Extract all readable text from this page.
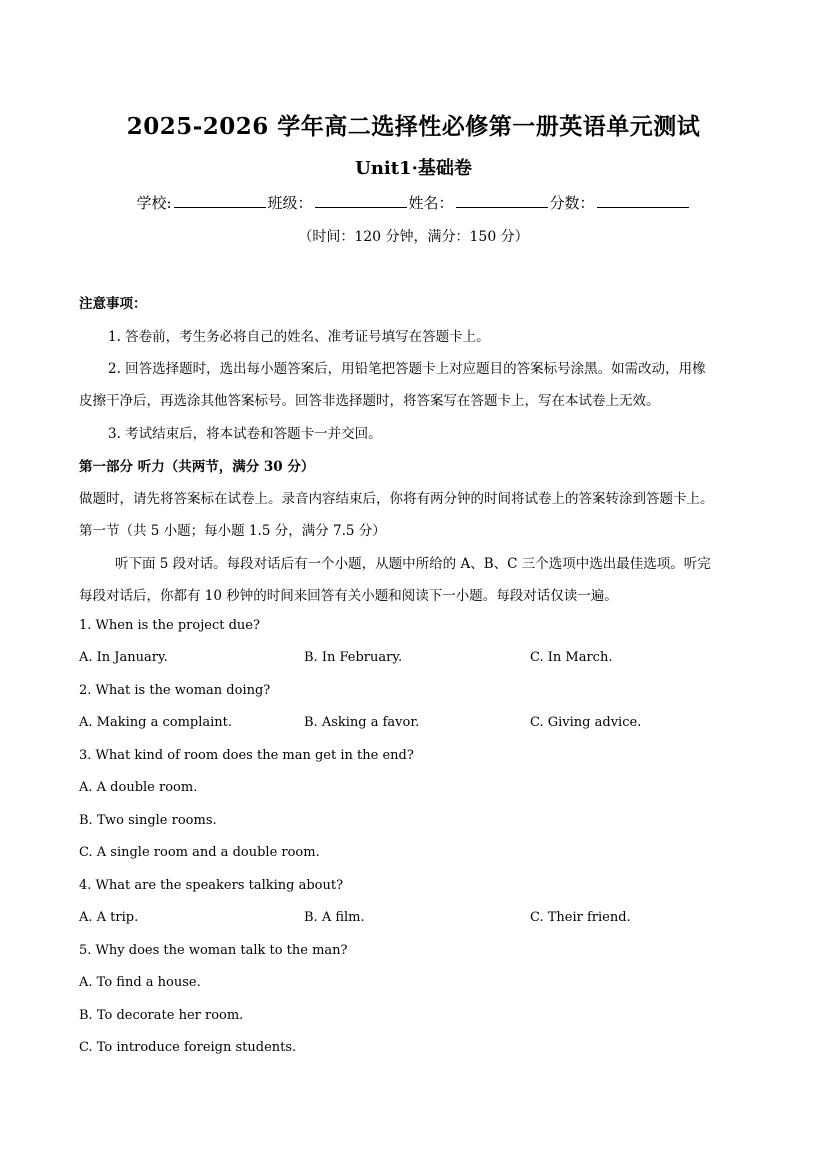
2025-2026 学年高二选择性必修第一册英语单元测试
Unit1·基础卷
学校:	班级：	姓名：	分数：
（时间：120 分钟，满分：150 分）
注意事项：
1. 答卷前，考生务必将自己的姓名、准考证号填写在答题卡上。
2. 回答选择题时，选出每小题答案后，用铅笔把答题卡上对应题目的答案标号涂黑。如需改动，用橡
皮擦干净后，再选涂其他答案标号。回答非选择题时，将答案写在答题卡上，写在本试卷上无效。
3. 考试结束后，将本试卷和答题卡一并交回。
第一部分 听力（共两节，满分 30 分）
做题时，请先将答案标在试卷上。录音内容结束后，你将有两分钟的时间将试卷上的答案转涂到答题卡上。
第一节（共 5 小题；每小题 1.5 分，满分 7.5 分）
听下面 5 段对话。每段对话后有一个小题，从题中所给的 A、B、C 三个选项中选出最佳选项。听完
每段对话后，你都有 10 秒钟的时间来回答有关小题和阅读下一小题。每段对话仅读一遍。
1. When is the project due?
A. In January.	B. In February.	C. In March.
2. What is the woman doing?
A. Making a complaint.	B. Asking a favor.	C. Giving advice.
3. What kind of room does the man get in the end?
A. A double room.
B. Two single rooms.
C. A single room and a double room.
4. What are the speakers talking about?
A. A trip.	B. A film.	C. Their friend.
5. Why does the woman talk to the man?
A. To find a house.
B. To decorate her room.
C. To introduce foreign students.
